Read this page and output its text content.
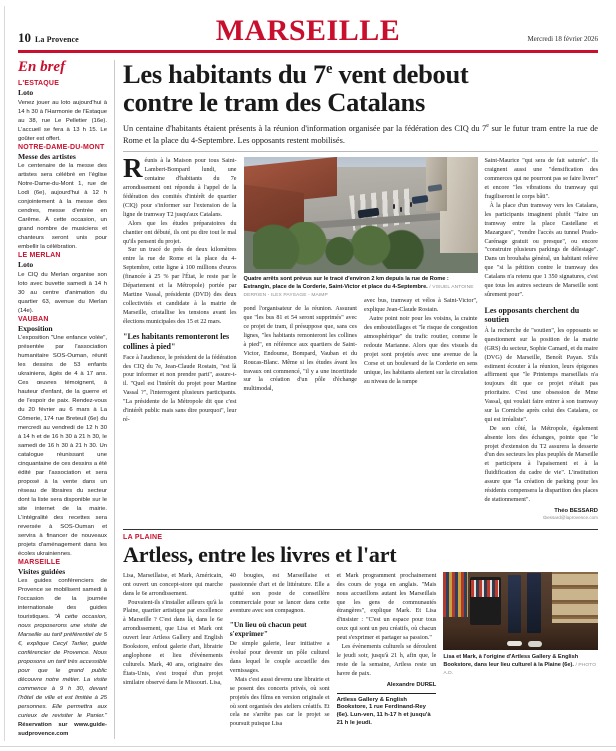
10 La Provence	MARSEILLE	Mercredi 18 février 2026
En bref
L'ESTAQUE
Loto

Venez jouer au loto aujourd'hui à 14 h 30 à l'Harmonie de l'Estaque au 38, rue Le Pelletier (16e). L'accueil se fera à 13 h 15. Le goûter est offert.

NOTRE-DAME-DU-MONT
Messe des artistes

Le centenaire de la messe des artistes sera célébré en l'église Notre-Dame-du-Mont 1, rue de Lodi (6e), aujourd'hui à 12 h conjointement à la messe des cendres, messe d'entrée en Carême. À cette occasion, un grand nombre de musiciens et chanteurs seront unis pour embellir la célébration.

LE MERLAN
Loto

Le CIQ du Merlan organise son loto avec buvette samedi à 14 h 30 au centre d'animation du quartier 63, avenue du Merlan (14e).

VAUBAN
Exposition

L'exposition "Une enfance volée", présentée par l'association humanitaire SOS-Ouman, réunit les dessins de 53 enfants ukrainiens, âgés de 4 à 17 ans. Ces œuvres témoignent, à hauteur d'enfant, de la guerre et de l'espoir de paix. Rendez-vous du 20 février au 6 mars à La Cômerie, 174 rue Breteuil (6e) du mercredi au vendredi de 12 h 30 à 14 h et de 16 h 30 à 21 h 30, le samedi de 16 h 30 à 21 h 30. Un catalogue réunissant une cinquantaine de ces dessins a été édité par l'association et sera proposé à la vente dans un réseau de libraires du secteur dont la liste sera disponible sur le site internet de la mairie. L'intégralité des recettes sera reversée à SOS-Ouman et servira à financer de nouveaux projets d'aménagement dans les écoles ukrainiennes.

MARSEILLE
Visites guidées

Les guides conférenciers de Provence se mobilisent samedi à l'occasion de la journée internationale des guides touristiques. "À cette occasion, nous proposerons une visite de Marseille au tarif préférentiel de 5 €, explique Cecyl Tarlier, guide conférencier de Provence. Nous proposons un tarif très accessible pour que le grand public découvre notre métier. La visite commence à 9 h 30, devant l'hôtel de ville et est limitée à 25 personnes. Elle permettra aux curieux de revisiter le Panier." Réservation sur www.guide-sudprovence.com

Les habitants du 7e vent debout
contre le tram des Catalans

Un centaine d'habitants étaient présents à la réunion d'information organisée par la fédération des CIQ du 7e sur le futur tram entre la rue de Rome et la place du 4-Septembre. Les opposants restent mobilisés.

Réunis à la Maison pour tous Saint-Lambert-Bompard lundi, une centaine d'habitants du 7e arrondissement ont répondu à l'appel de la fédération des comités d'intérêt de quartier (CIQ) pour s'informer sur l'extension de la ligne de tramway T2 jusqu'aux Catalans.

Alors que les études préparatoires du chantier ont débuté, ils ont pu dire tout le mal qu'ils pensent du projet.

Sur un tracé de près de deux kilomètres entre la rue de Rome et la place du 4-Septembre, cette ligne à 100 millions d'euros (financée à 25 % par l'État, le reste par le Département et la Métropole) portée par Martine Vassal, présidente (DVD) des deux collectivités et candidate à la mairie de Marseille, cristallise les tensions avant les élections municipales des 15 et 22 mars.

"Les habitants remonteront les collines à pied"

Face à l'audience, le président de la fédération des CIQ du 7e, Jean-Claude Rostain, "est là pour informer et non prendre parti", assure-t-il. "Quel est l'intérêt du projet pour Martine Vassal ?", l'interrogent plusieurs participants. "La présidente de la Métropole dit que c'est d'intérêt public mais sans dire pourquoi", leur ré-

Quatre arrêts sont prévus sur le tracé d'environ 2 km depuis la rue de Rome : Estrangin, place de la Corderie, Saint-Victor et place du 4-Septembre. / VISUEL ANTOINE DERRIEN - ILEX PAYSAGE - MAIMP

pond l'organisateur de la réunion. Assurant que "les bus 81 et 54 seront supprimés" avec ce projet de tram, il présuppose que, sans ces lignes, "les habitants remonteront les collines à pied", en référence aux quartiers de Saint-Victor, Endoume, Bompard, Vauban et du Roucas-Blanc. Même si les études ávant les travaux ont commencé, "il y a une incertitude sur la création d'un pôle d'échange multimodal,

avec bus, tramway et vélos à Saint-Victor", explique Jean-Claude Rostain.

Autre point noir pour les voisins, la crainte des embouteillages et "le risque de congestion atmosphérique" du trafic routier, comme le redoute Marianne. Alors que des visuels du projet sont projetés avec une avenue de la Corse et un boulevard de la Corderie en sens unique, les habitants alertent sur la circulation au niveau de la rampe

Saint-Maurice "qui sera de fait saturée". Ils craignent aussi une "densification des commerces qui ne pourront pas se faire livrer" et encore "les vibrations du tramway qui fragiliseront le corps bâti".

À la place d'un tramway vers les Catalans, les participants imaginent plutôt "faire un tramway entre la place Castellane et Mazargues", "rendre l'accès au tunnel Prado-Carénage gratuit ou presque", ou encore "construire plusieurs parkings de délestage". Dans un brouhaha général, un habitant relève que "si la pétition contre le tramway des Catalans n'a retenu que 1 350 signatures, c'est que tous les autres secteurs de Marseille sont sûrement pour".

Les opposants cherchent du soutien

À la recherche de "soutien", les opposants se questionnent sur la position de la mairie (GRS) du secteur, Sophie Camard, et du maire (DVG) de Marseille, Benoît Payan. S'ils estiment écouter à la réunion, leurs épigones affirment que "le Printemps marseillais n'a toujours dit que ce projet n'était pas prioritaire. C'est une obsession de Mme Vassal, qui voulait faire entrer à son tramway sur la Corniche après celui des Catalans, ce qui est irréaliste".

De son côté, la Métropole, également absente lors des échanges, pointe que "le projet d'extension du T2 assurera la desserte d'un des secteurs les plus peuplés de Marseille et participera à l'apaisement et à la fluidification du cadre de vie". L'institution assure que "la création de parking pour les résidents compensera la disparition des places de stationnement".

Théo BESSARD
tbessard@laprovence.com
LA PLAINE
Artless, entre les livres et l'art

Lisa, Marseillaise, et Mark, Américain, ont ouvert un concept-store qui marche dans le 6e arrondissement.

Pouvaient-ils s'installer ailleurs qu'à la Plaine, quartier artistique par excellence à Marseille ? C'est dans là, dans le 6e arrondissement, que Lisa et Mark ont ouvert leur Artless Gallery and English Bookstore, enfoui galerie d'art, librairie anglophone et lieu d'événements culturels. Mark, 40 ans, originaire des États-Unis, s'est troqué d'un projet similaire observé dans le Missouri. Lisa,

40 bougies, est Marseillaise et passionnée d'art et de littérature. Elle a quitté son poste de conseillère commerciale pour se lancer dans cette aventure avec son compagnon.

"Un lieu où chacun peut s'exprimer"

De simple galerie, leur initiative a évolué pour devenir un pôle culturel dans lequel le couple accueille des vernissages.

Mais c'est aussi devenu une librairie et se posent des concerts privés, où sont projetés des films en version originale et où sont organisés des ateliers créatifs. Et cela ne s'arrête pas car le projet se poursuit puisque Lisa

et Mark programment prochainement des cours de yoga en anglais. "Mais nous accueillons autant les Marseillais que les gens de communautés étrangères", explique Mark. Et Lisa d'insister : "C'est un espace pour tous ceux qui sont un peu créatifs, où chacun peut s'exprimer et partager sa passion."

Les évènements culturels se déroulent le jeudi soir, jusqu'à 21 h, afin que, le reste de la semaine, Artless reste un havre de paix.

Alexandre DUREL
Artless Gallery & English Bookstore, 1 rue Ferdinand-Rey (6e). Lun-ven, 11 h-17 h et jusqu'à 21 h le jeudi.

Lisa et Mark, à l'origine d'Artless Gallery & English Bookstore, dans leur lieu culturel à la Plaine (6e). / PHOTO A.D.
